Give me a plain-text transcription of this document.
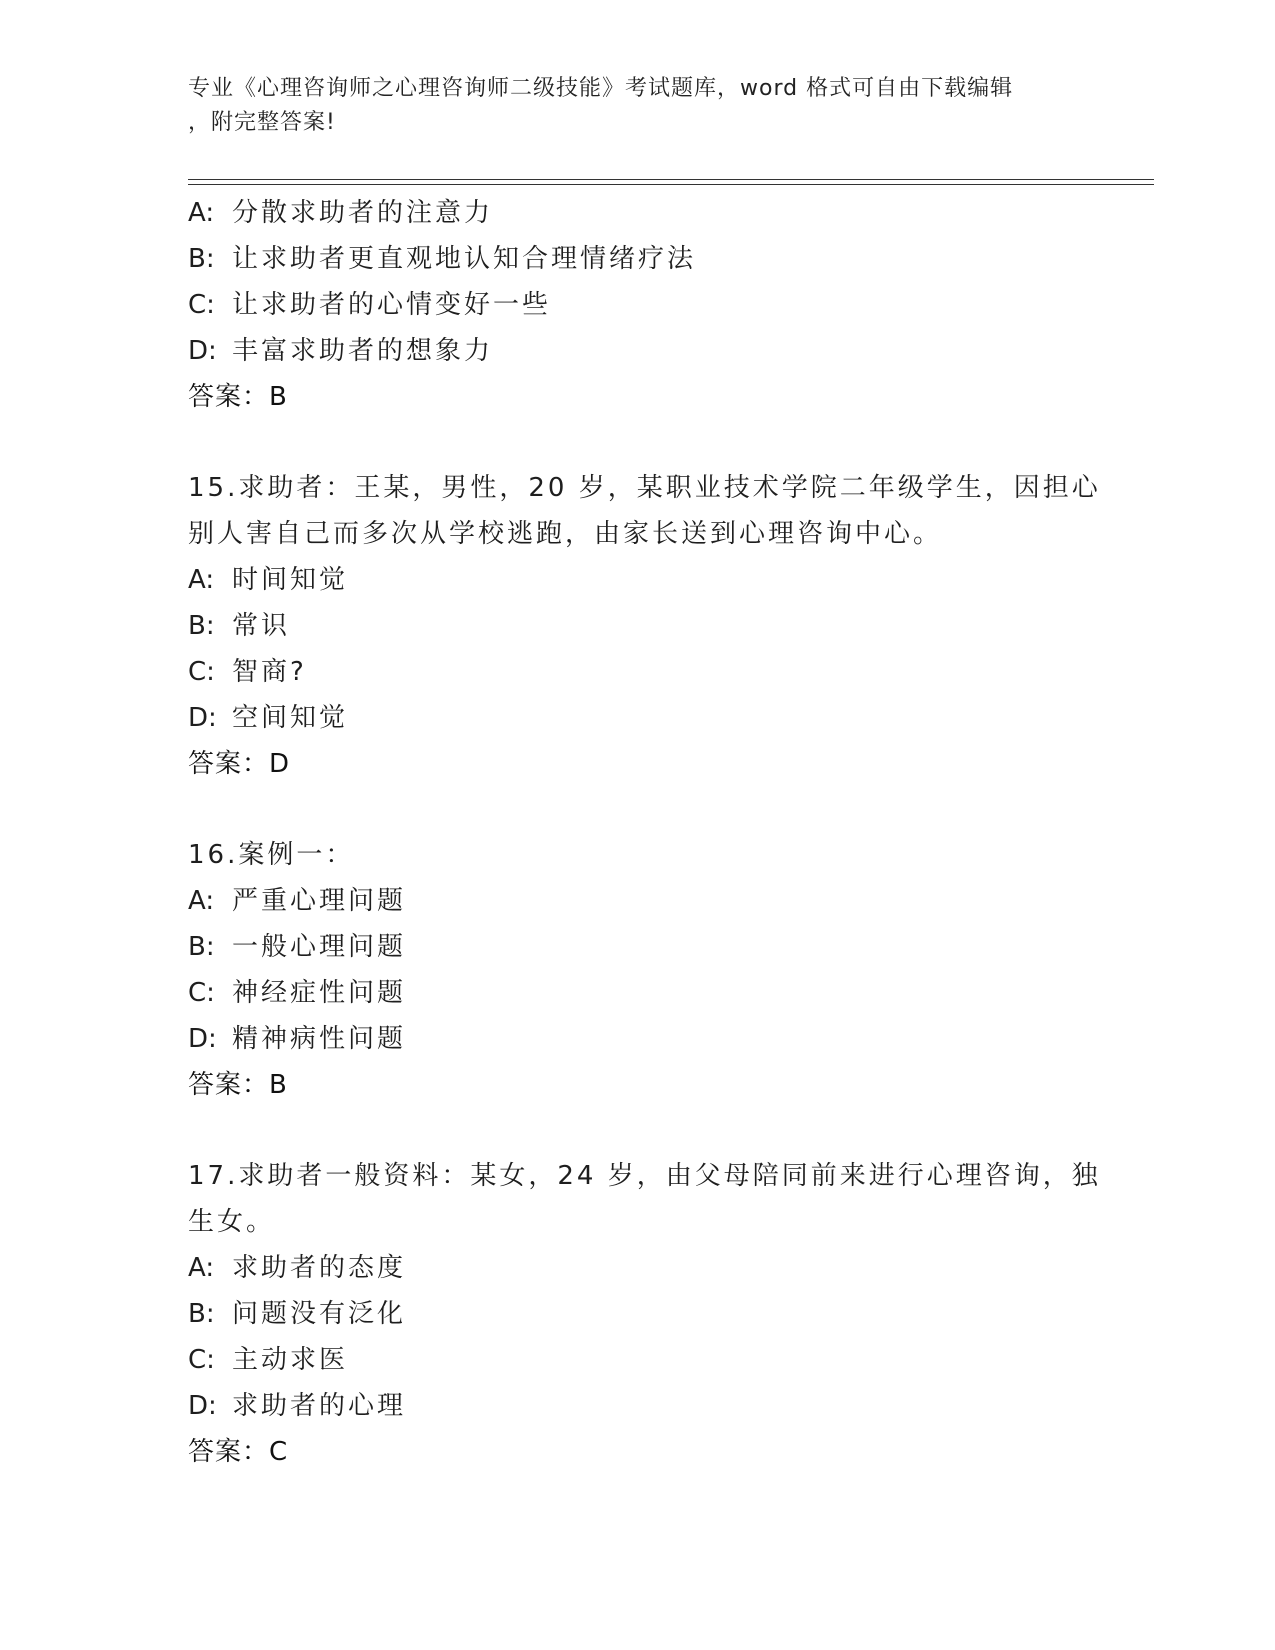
专业《心理咨询师之心理咨询师二级技能》考试题库，word 格式可自由下载编辑
，附完整答案!
A: 分散求助者的注意力
B: 让求助者更直观地认知合理情绪疗法
C: 让求助者的心情变好一些
D: 丰富求助者的想象力
答案：B
15.求助者：王某，男性，20 岁，某职业技术学院二年级学生，因担心
别人害自己而多次从学校逃跑，由家长送到心理咨询中心。
A: 时间知觉
B: 常识
C: 智商?
D: 空间知觉
答案：D
16.案例一：
A: 严重心理问题
B: 一般心理问题
C: 神经症性问题
D: 精神病性问题
答案：B
17.求助者一般资料：某女，24 岁，由父母陪同前来进行心理咨询，独
生女。
A: 求助者的态度
B: 问题没有泛化
C: 主动求医
D: 求助者的心理
答案：C
